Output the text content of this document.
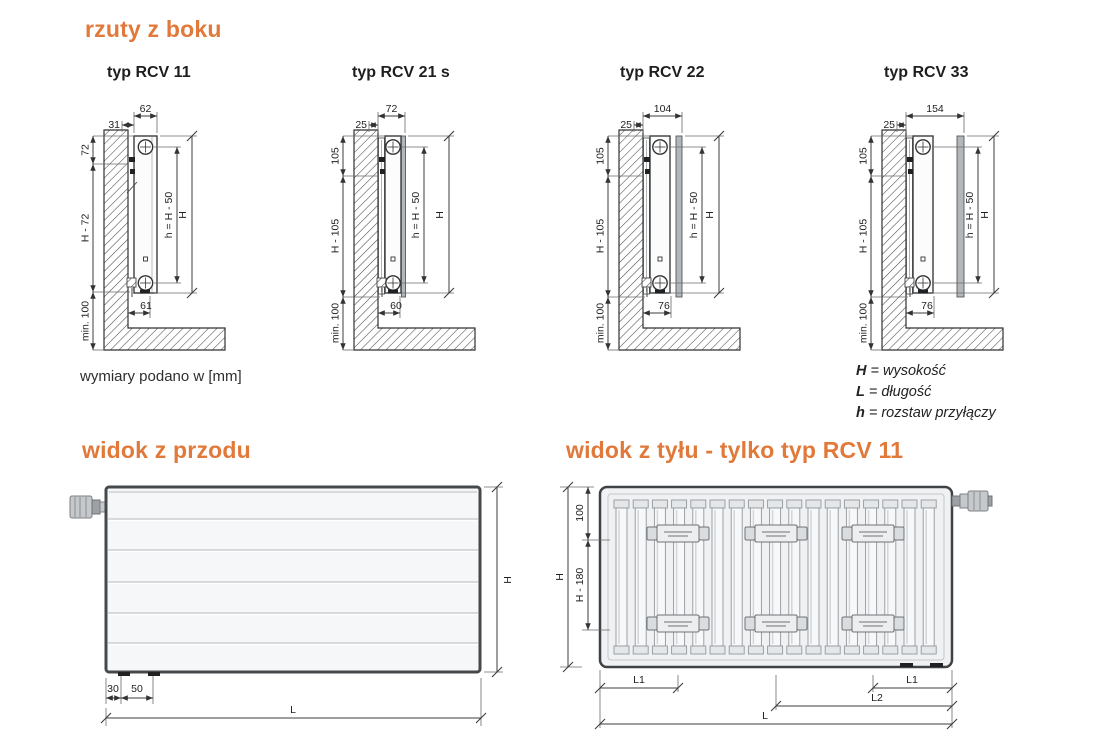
rzuty z boku
typ RCV 11	typ RCV 21 s	typ RCV 22	typ RCV 33
62
31
72
H - 72
min. 100
h = H - 50 H
61
72
25
105
H - 105
min. 100
h = H - 50 H
60
104
25
105
H - 105
min. 100
h = H - 50 H
76
154
25
105
H - 105
min. 100
h = H - 50 H
76
wymiary podano w [mm]	H = wysokość
L = długość
h = rozstaw przyłączy
widok z przodu	widok z tyłu - tylko typ RCV 11
H
30 50
L
H
100
H - 180
L1	L1
L2
L
